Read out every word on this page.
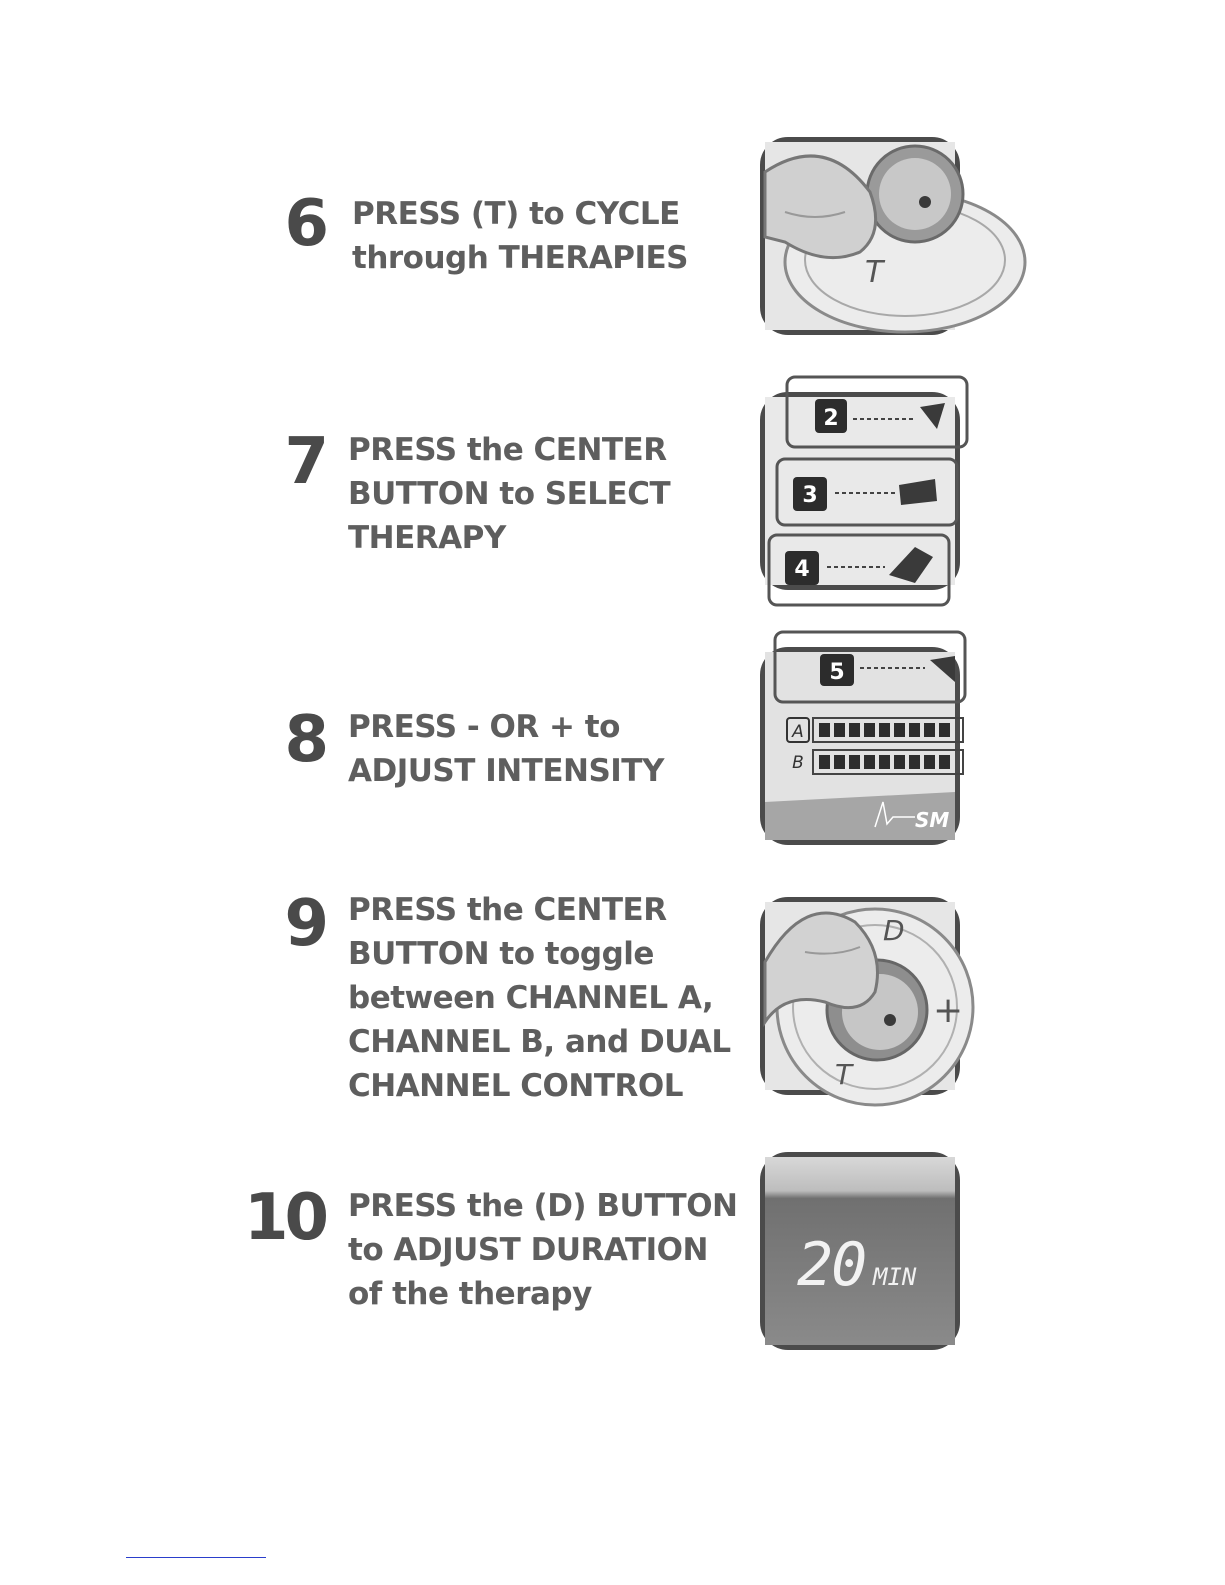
6 PRESS (T) to CYCLE
through THERAPIES	T
7 PRESS the CENTER
BUTTON to SELECT
THERAPY
2
3
4
8 PRESS - OR + to
ADJUST INTENSITY
5
A
B
SM
9 PRESS the CENTER
BUTTON to toggle
between CHANNEL A,
CHANNEL B, and DUAL
CHANNEL CONTROL
D
+
T
10 PRESS the (D) BUTTON
to ADJUST DURATION
of the therapy	20 MIN
